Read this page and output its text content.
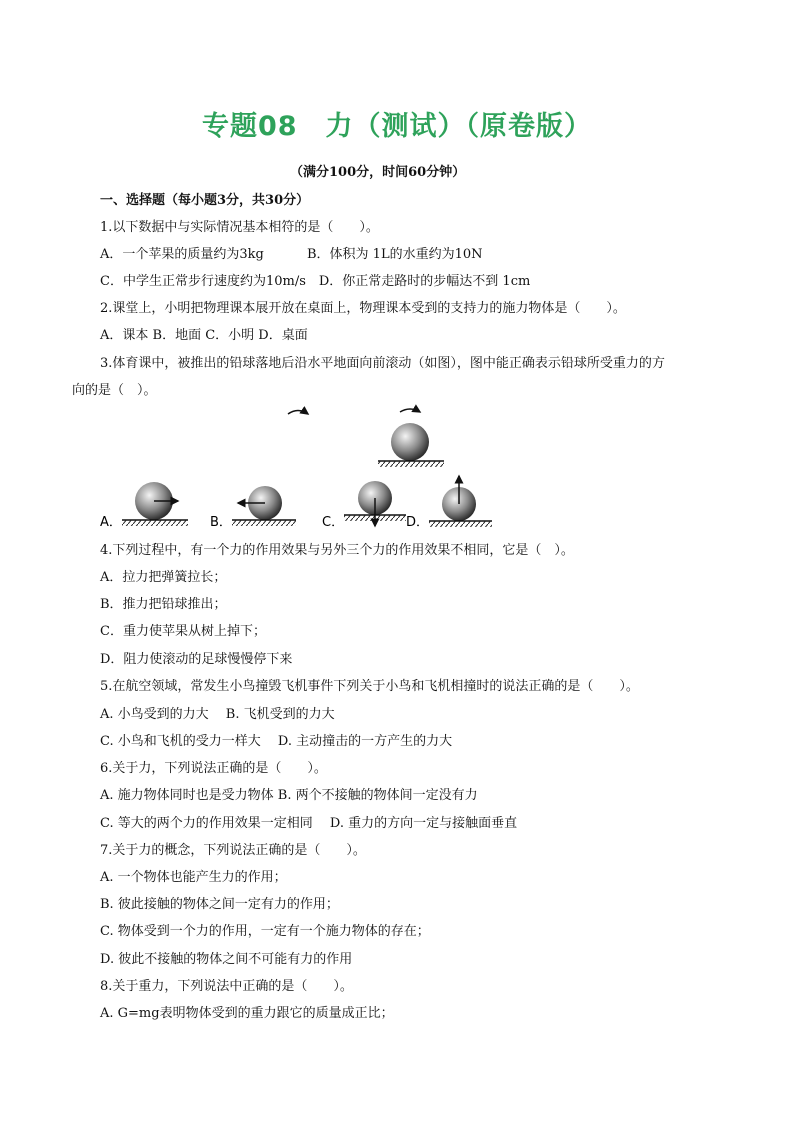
专题08　力（测试）（原卷版）
（满分100分，时间60分钟）
一、选择题（每小题3分，共30分）
1.以下数据中与实际情况基本相符的是（　　）。
A．一个苹果的质量约为3kg　　　 B．体积为 1L的水重约为10N
C．中学生正常步行速度约为10m/s　D．你正常走路时的步幅达不到 1cm
2.课堂上，小明把物理课本展开放在桌面上，物理课本受到的支持力的施力物体是（　　）。
A．课本 B．地面 C．小明 D．桌面
3.体育课中，被推出的铅球落地后沿水平地面向前滚动（如图），图中能正确表示铅球所受重力的方
向的是（　）。
A．	B．	C．	D．
4.下列过程中，有一个力的作用效果与另外三个力的作用效果不相同，它是（　）。
A．拉力把弹簧拉长；
B．推力把铅球推出；
C．重力使苹果从树上掉下；
D．阻力使滚动的足球慢慢停下来
5.在航空领域，常发生小鸟撞毁飞机事件下列关于小鸟和飞机相撞时的说法正确的是（　　）。
A. 小鸟受到的力大　 B. 飞机受到的力大
C. 小鸟和飞机的受力一样大　 D. 主动撞击的一方产生的力大
6.关于力，下列说法正确的是（　　）。
A. 施力物体同时也是受力物体 B. 两个不接触的物体间一定没有力
C. 等大的两个力的作用效果一定相同　 D. 重力的方向一定与接触面垂直
7.关于力的概念，下列说法正确的是（　　）。
A. 一个物体也能产生力的作用；
B. 彼此接触的物体之间一定有力的作用；
C. 物体受到一个力的作用，一定有一个施力物体的存在；
D. 彼此不接触的物体之间不可能有力的作用
8.关于重力，下列说法中正确的是（　　）。
A. G=mg表明物体受到的重力跟它的质量成正比；
